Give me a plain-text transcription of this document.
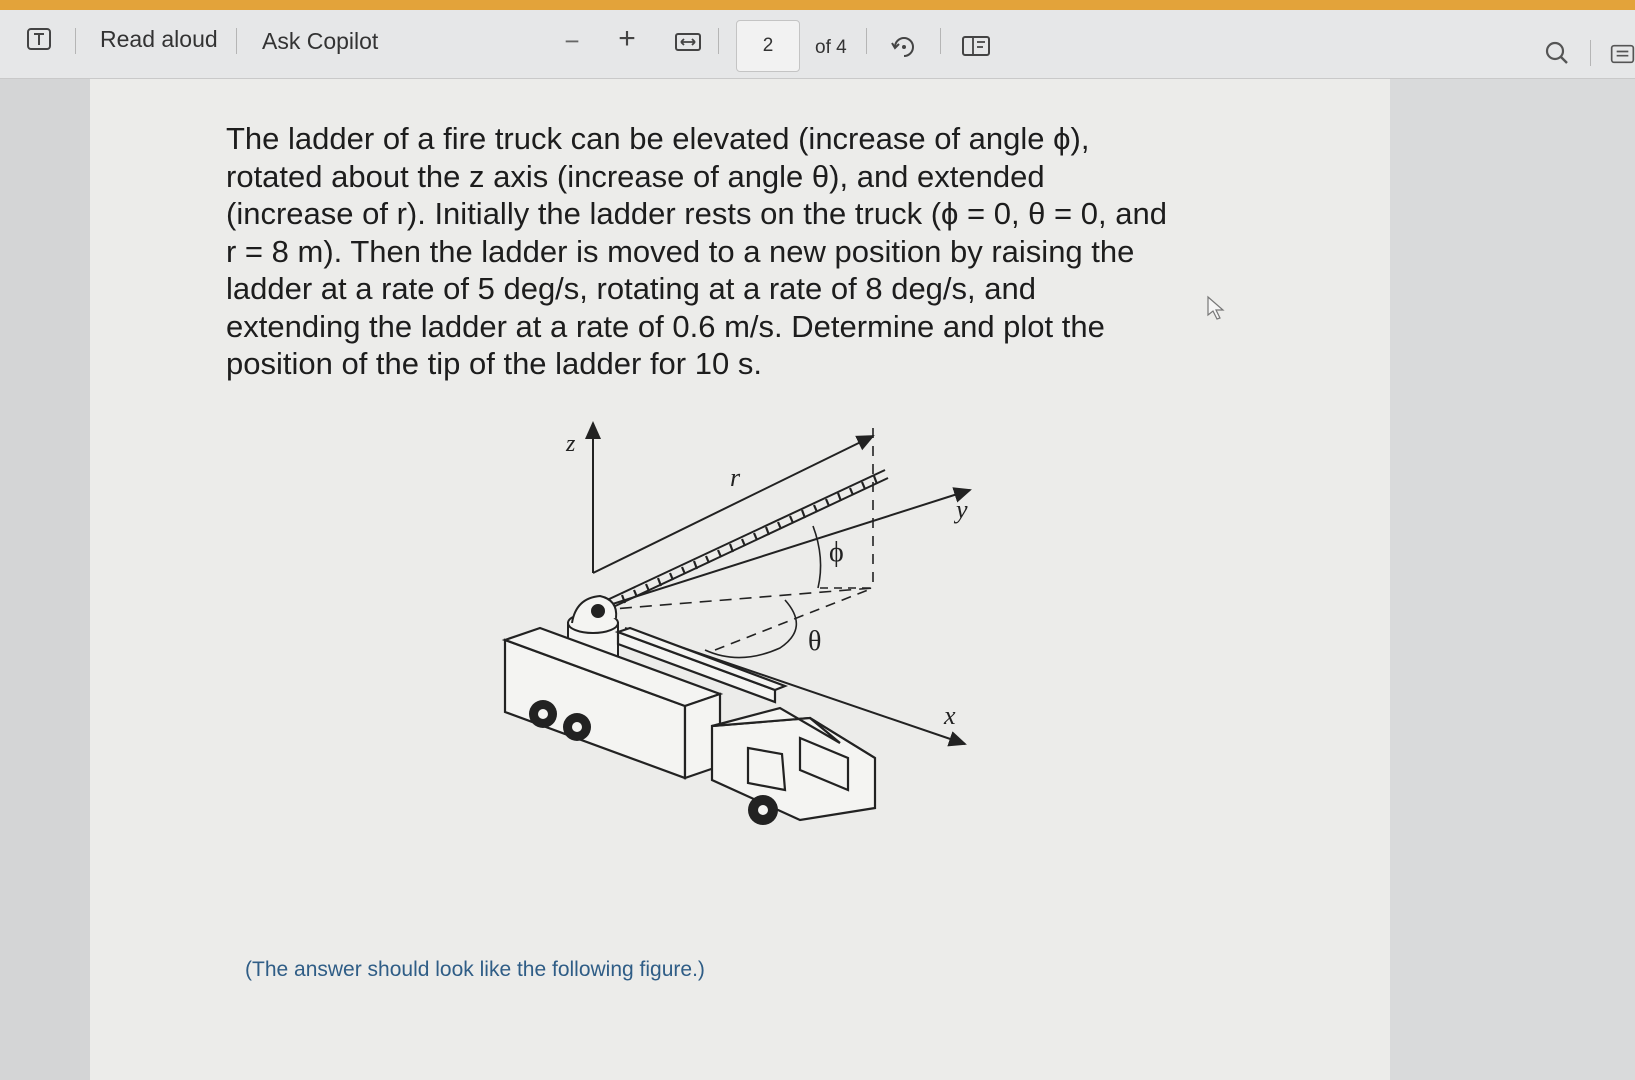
Read aloud Ask Copilot	− +	2 of 4

The ladder of a fire truck can be elevated (increase of angle ϕ),

rotated about the z axis (increase of angle θ), and extended

(increase of r). Initially the ladder rests on the truck (ϕ = 0, θ = 0, and

r = 8 m). Then the ladder is moved to a new position by raising the

ladder at a rate of 5 deg/s, rotating at a rate of 8 deg/s, and

extending the ladder at a rate of 0.6 m/s. Determine and plot the

position of the tip of the ladder for 10 s.

z
y
x
r
ϕ
θ
(The answer should look like the following figure.)
